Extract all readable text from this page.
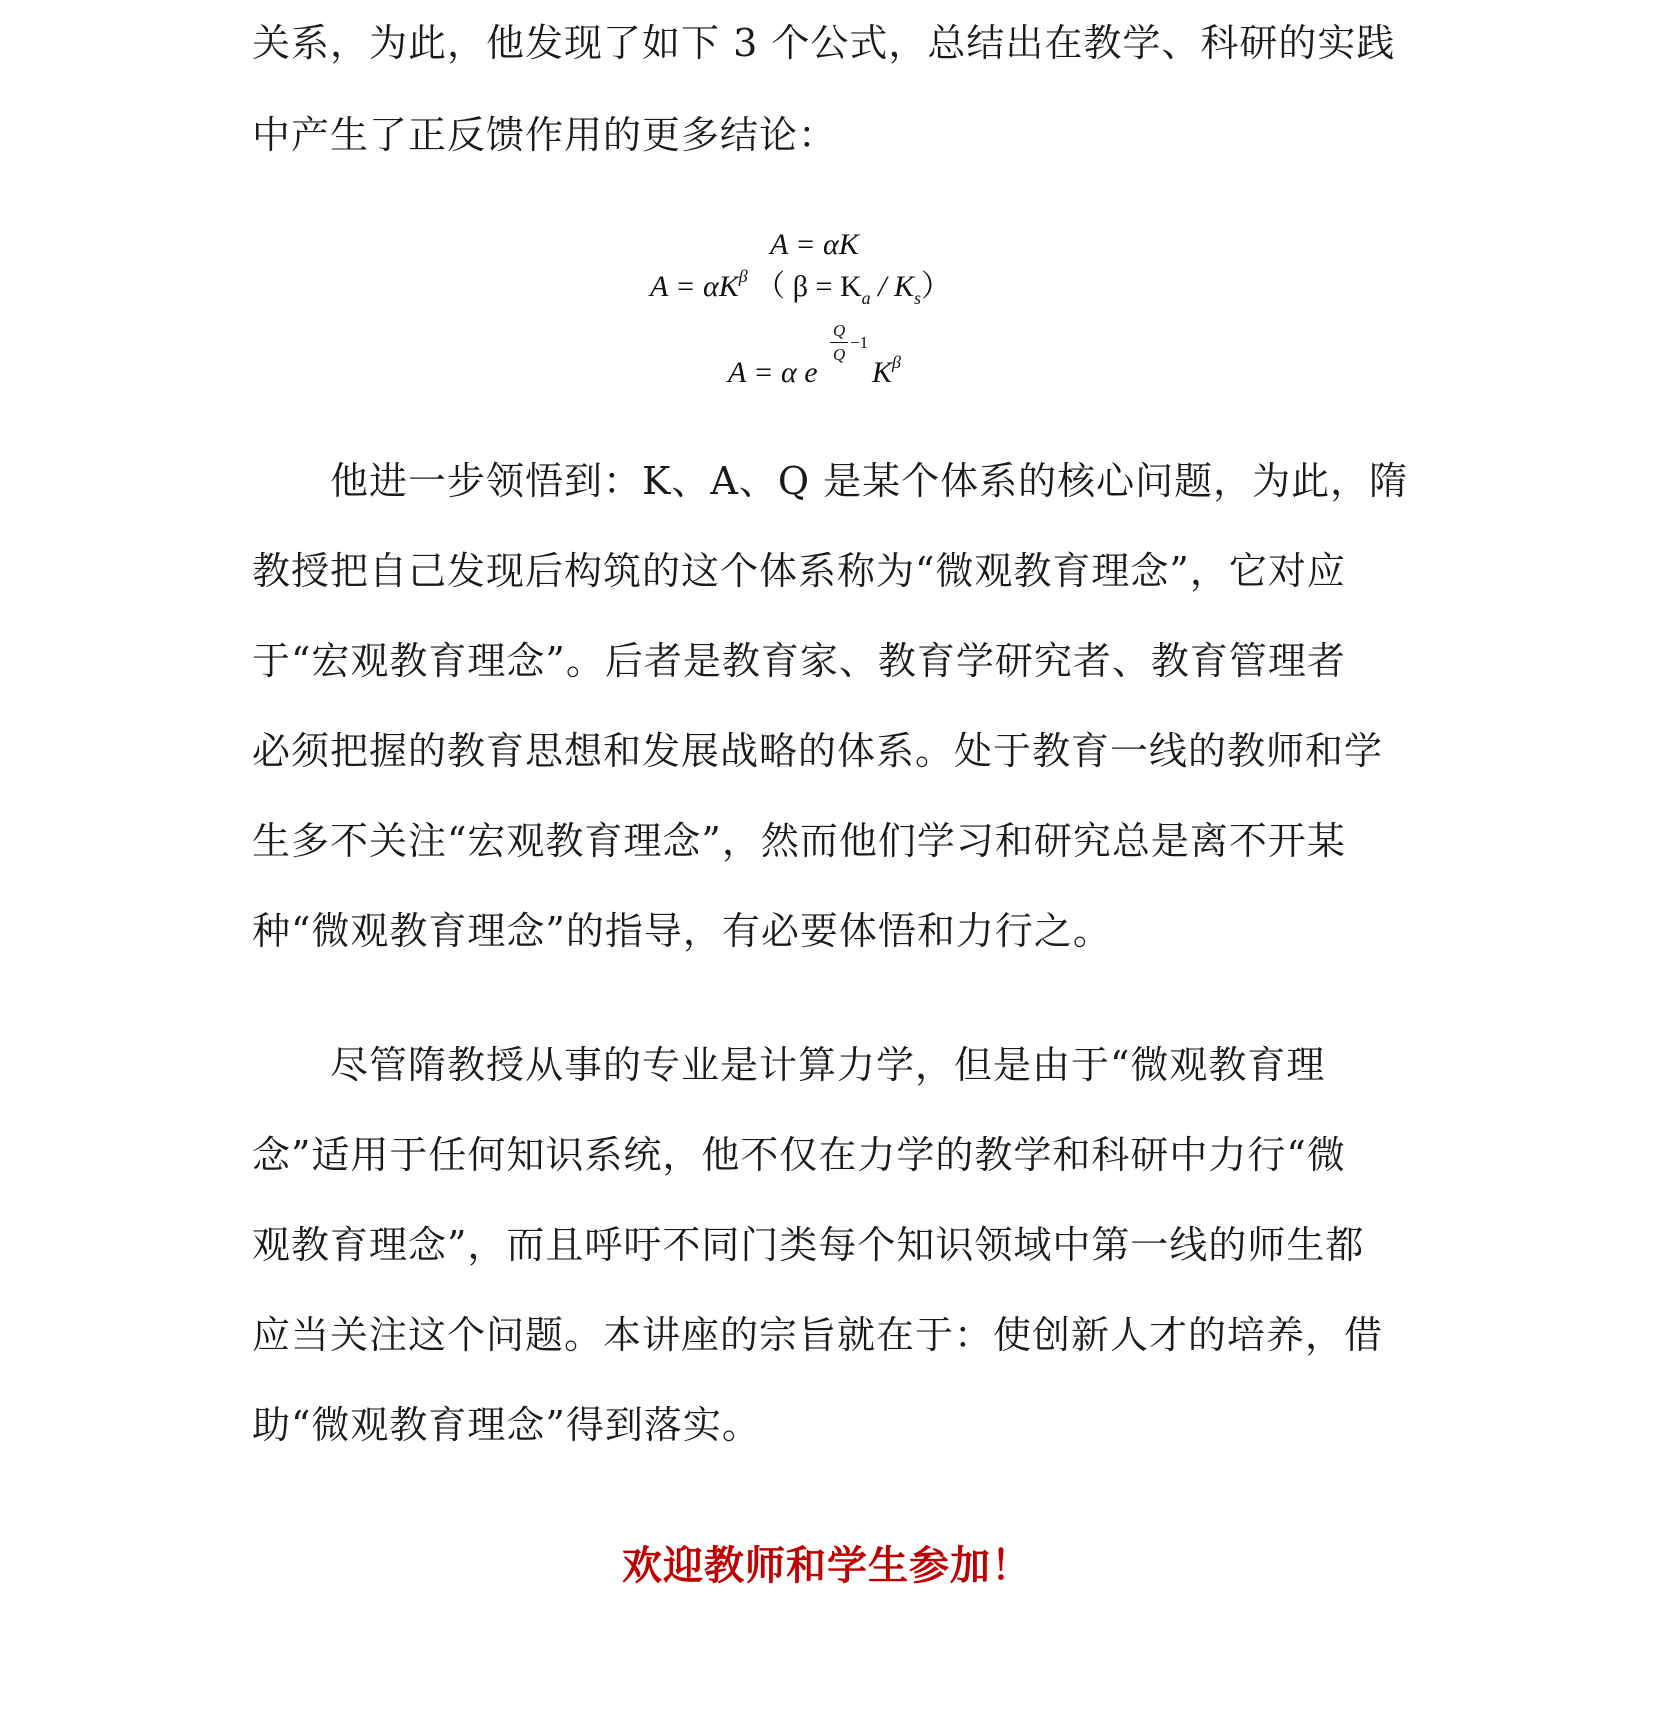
关系，为此，他发现了如下 3 个公式，总结出在教学、科研的实践
中产生了正反馈作用的更多结论：
A = αK
$A = \alpha K^\beta$ （ $\beta = K_a / K_s$）
Q
−1
Q
A = α e $K^\beta$
他进一步领悟到：K、A、Q 是某个体系的核心问题，为此，隋
教授把自己发现后构筑的这个体系称为“微观教育理念”，它对应
于“宏观教育理念”。后者是教育家、教育学研究者、教育管理者
必须把握的教育思想和发展战略的体系。处于教育一线的教师和学
生多不关注“宏观教育理念”，然而他们学习和研究总是离不开某
种“微观教育理念”的指导，有必要体悟和力行之。
尽管隋教授从事的专业是计算力学，但是由于“微观教育理
念”适用于任何知识系统，他不仅在力学的教学和科研中力行“微
观教育理念”，而且呼吁不同门类每个知识领域中第一线的师生都
应当关注这个问题。本讲座的宗旨就在于：使创新人才的培养，借
助“微观教育理念”得到落实。
欢迎教师和学生参加！
